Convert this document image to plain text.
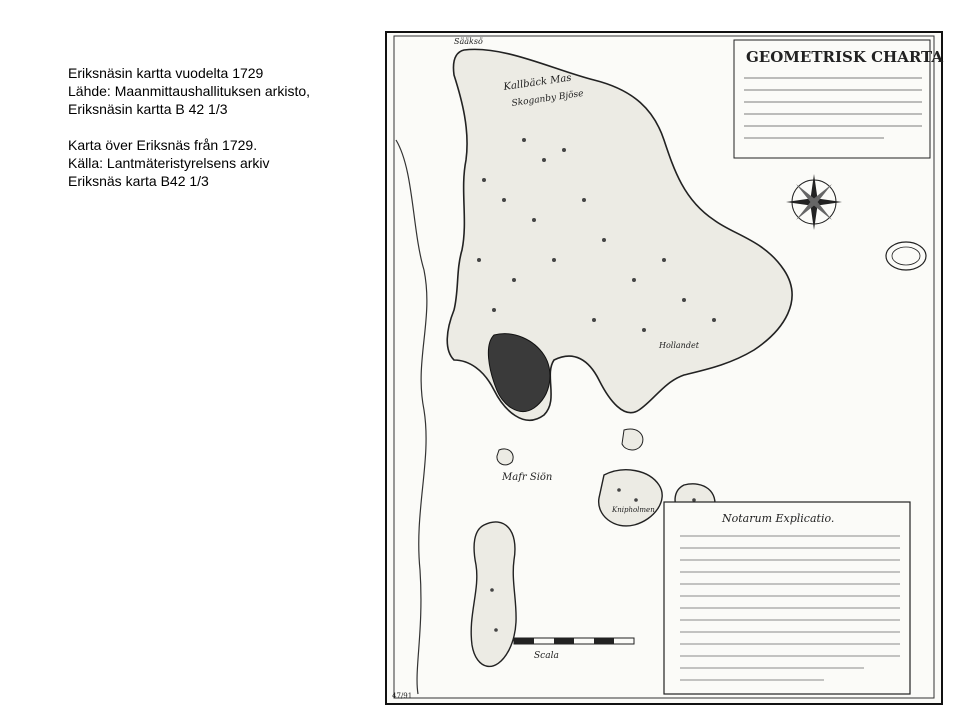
Eriksnäsin kartta vuodelta 1729
Lähde: Maanmittaushallituksen arkisto,
Eriksnäsin kartta B 42 1/3
Karta över Eriksnäs från 1729.
Källa: Lantmäteristyrelsens arkiv
Eriksnäs karta B42 1/3
GEOMETRISK CHARTA
Notarum Explicatio.
Scala
Kallbäck Mas
Skoganby Bjöse
Hollandet
Mafr Siön
Knipholmen
Sääksö
47/91
